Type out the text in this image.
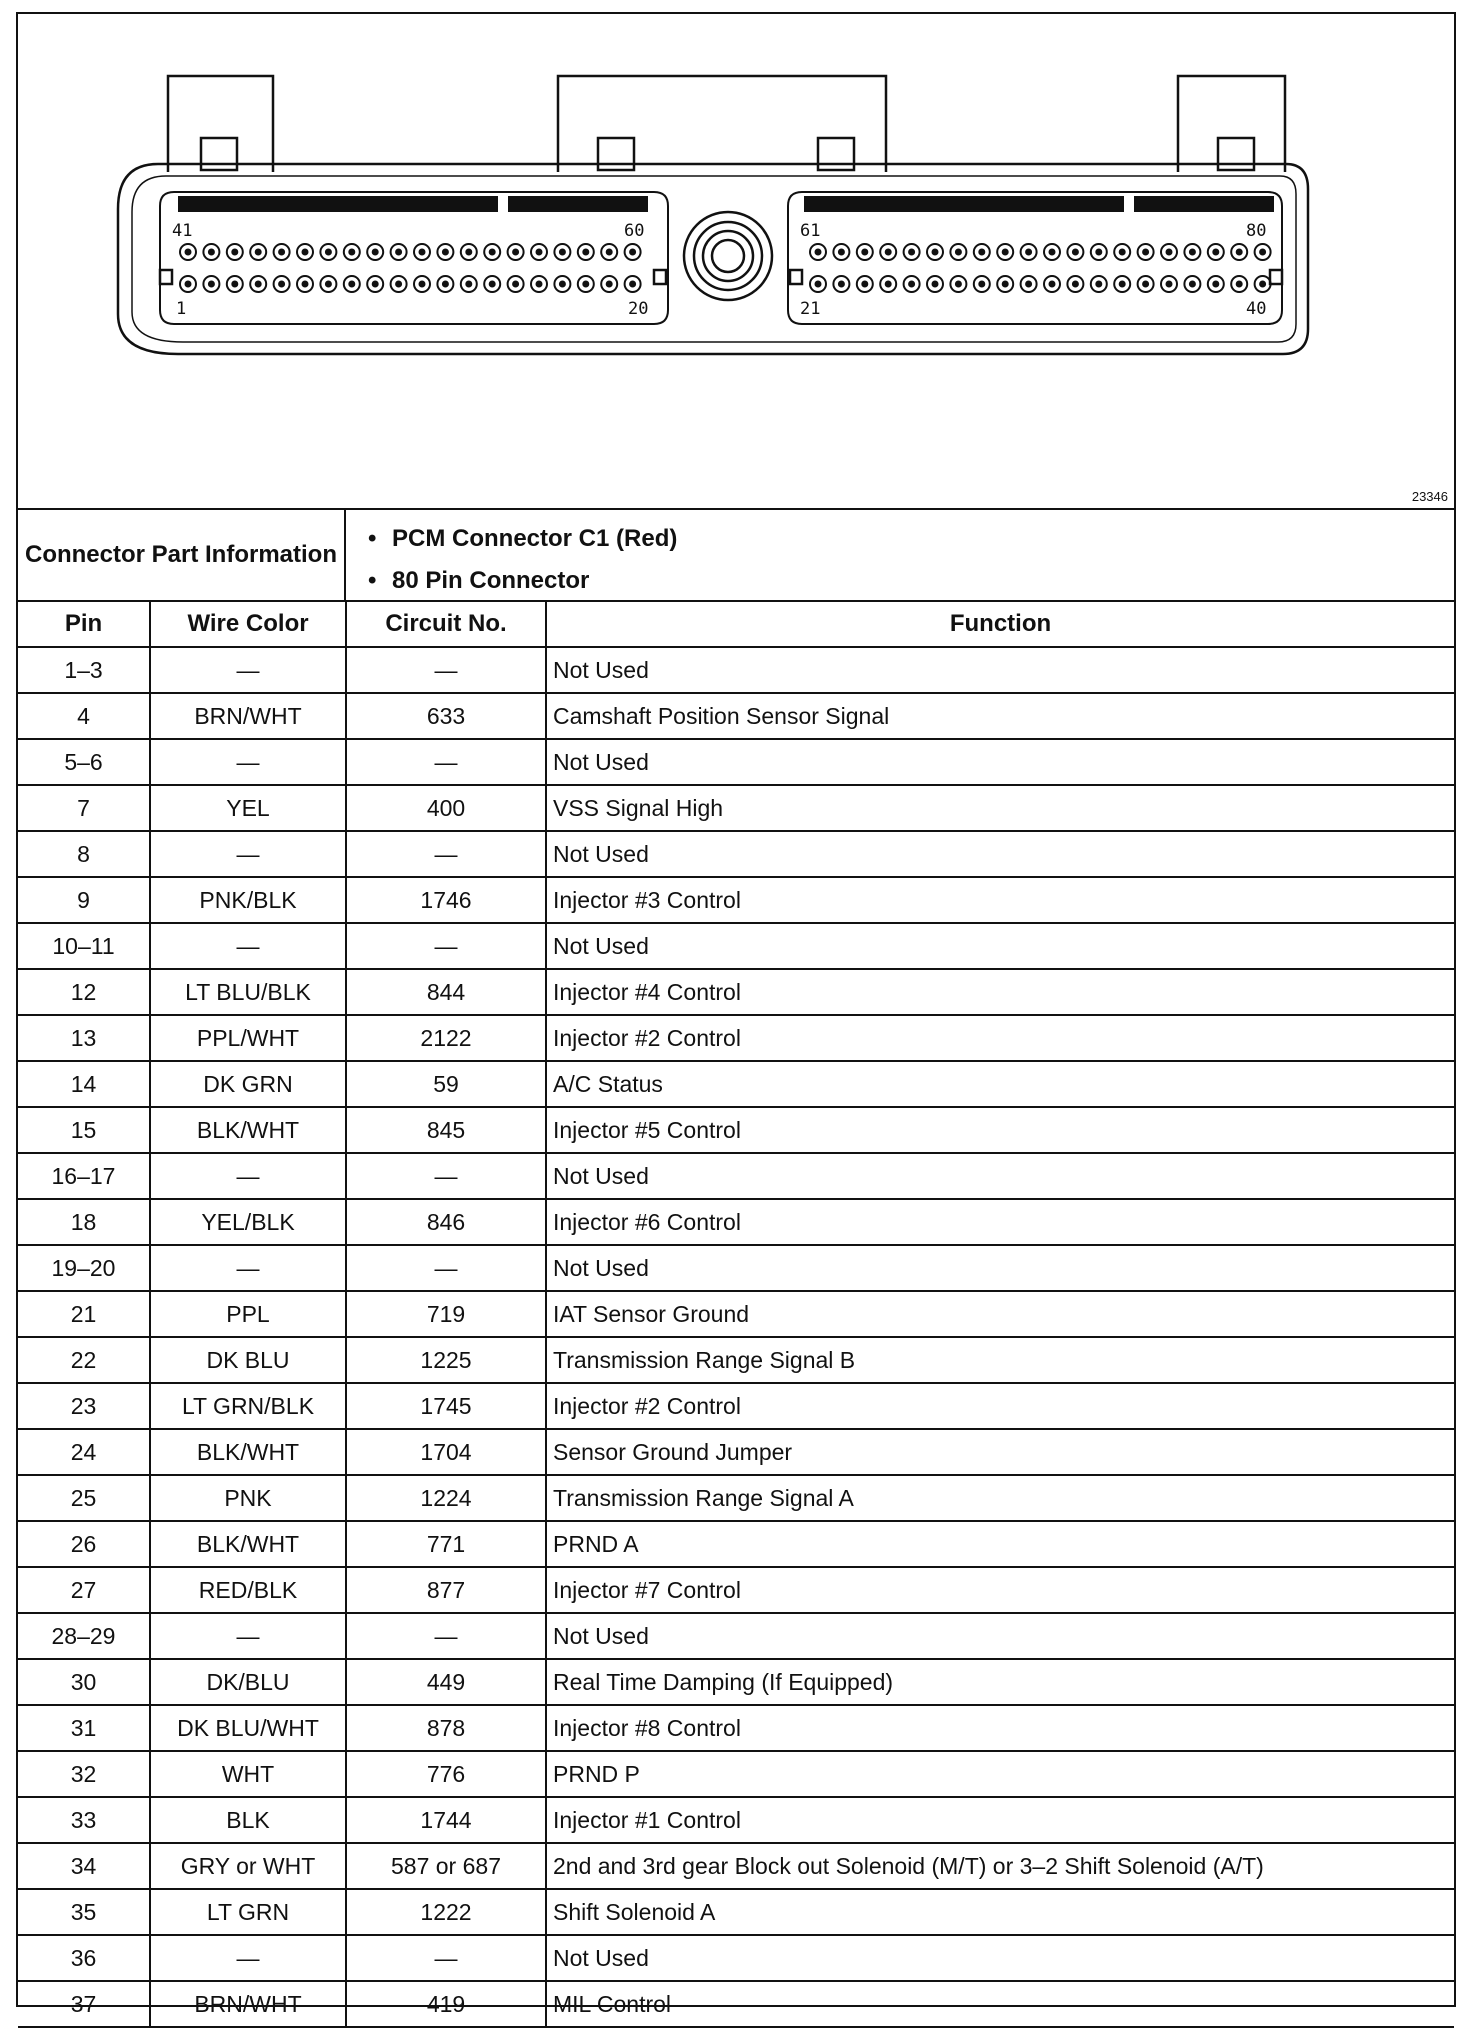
41	60
1	20
61	80
21	40
23346
Connector Part Information
• PCM Connector C1 (Red)
• 80 Pin Connector
Pin	Wire Color	Circuit No.	Function
1–3	—	—	Not Used
4	BRN/WHT	633	Camshaft Position Sensor Signal
5–6	—	—	Not Used
7	YEL	400	VSS Signal High
8	—	—	Not Used
9	PNK/BLK	1746	Injector #3 Control
10–11	—	—	Not Used
12	LT BLU/BLK	844	Injector #4 Control
13	PPL/WHT	2122	Injector #2 Control
14	DK GRN	59	A/C Status
15	BLK/WHT	845	Injector #5 Control
16–17	—	—	Not Used
18	YEL/BLK	846	Injector #6 Control
19–20	—	—	Not Used
21	PPL	719	IAT Sensor Ground
22	DK BLU	1225	Transmission Range Signal B
23	LT GRN/BLK	1745	Injector #2 Control
24	BLK/WHT	1704	Sensor Ground Jumper
25	PNK	1224	Transmission Range Signal A
26	BLK/WHT	771	PRND A
27	RED/BLK	877	Injector #7 Control
28–29	—	—	Not Used
30	DK/BLU	449	Real Time Damping (If Equipped)
31	DK BLU/WHT	878	Injector #8 Control
32	WHT	776	PRND P
33	BLK	1744	Injector #1 Control
34	GRY or WHT	587 or 687	2nd and 3rd gear Block out Solenoid (M/T) or 3–2 Shift Solenoid (A/T)
35	LT GRN	1222	Shift Solenoid A
36	—	—	Not Used
37	BRN/WHT	419	MIL Control
